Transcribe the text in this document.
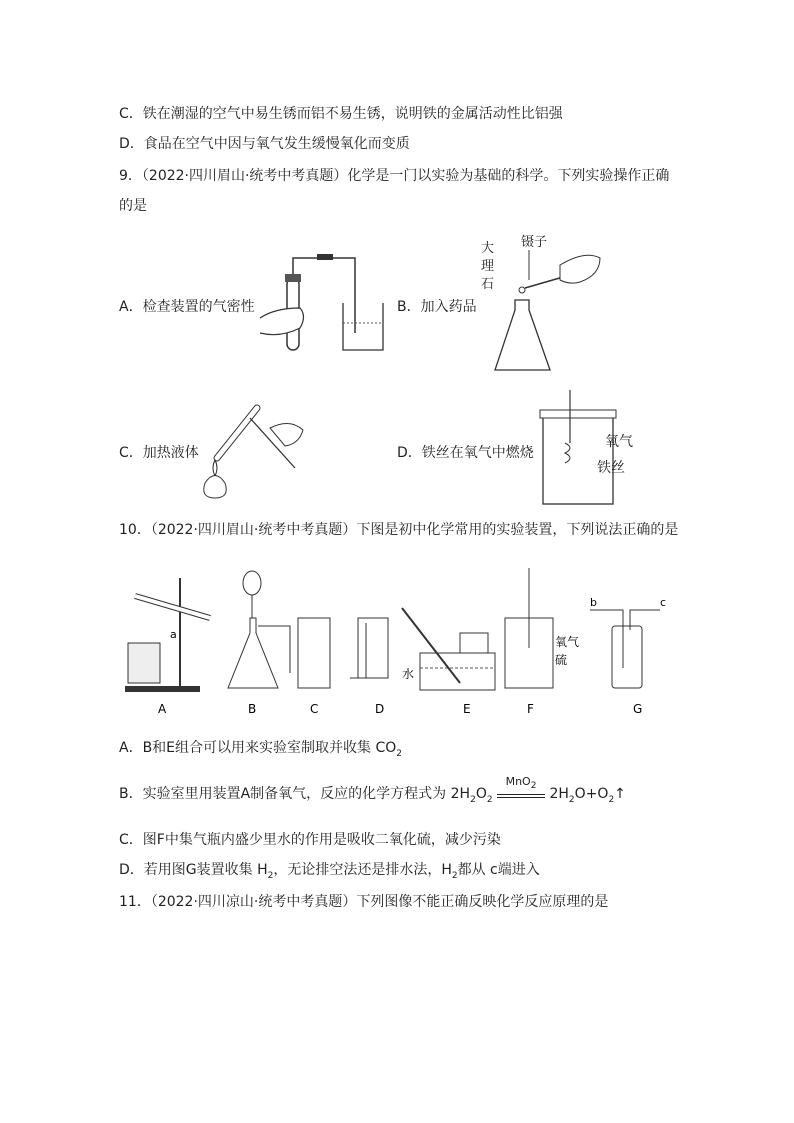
C．铁在潮湿的空气中易生锈而铝不易生锈，说明铁的金属活动性比铝强
D．食品在空气中因与氧气发生缓慢氧化而变质
9．（2022·四川眉山·统考中考真题）化学是一门以实验为基础的科学。下列实验操作正确
的是
A．检查装置的气密性	B．加入药品
C．加热液体	D．铁丝在氧气中燃烧
镊子
大
理
石
氧气
铁丝
10．（2022·四川眉山·统考中考真题）下图是初中化学常用的实验装置，下列说法正确的是
a
水
氧气
硫
b	c
A	B	C	D	E	F	G
A．B和E组合可以用来实验室制取并收集 $CO_2$
B．实验室里用装置A制备氧气，反应的化学方程式为 $2H_2O_2$
MnO$_2$ $2H_2O+O_2↑$
C．图F中集气瓶内盛少里水的作用是吸收二氧化硫，减少污染
D．若用图G装置收集 $H_2$，无论排空法还是排水法，$H_2$都从 c端进入
11．（2022·四川凉山·统考中考真题）下列图像不能正确反映化学反应原理的是
